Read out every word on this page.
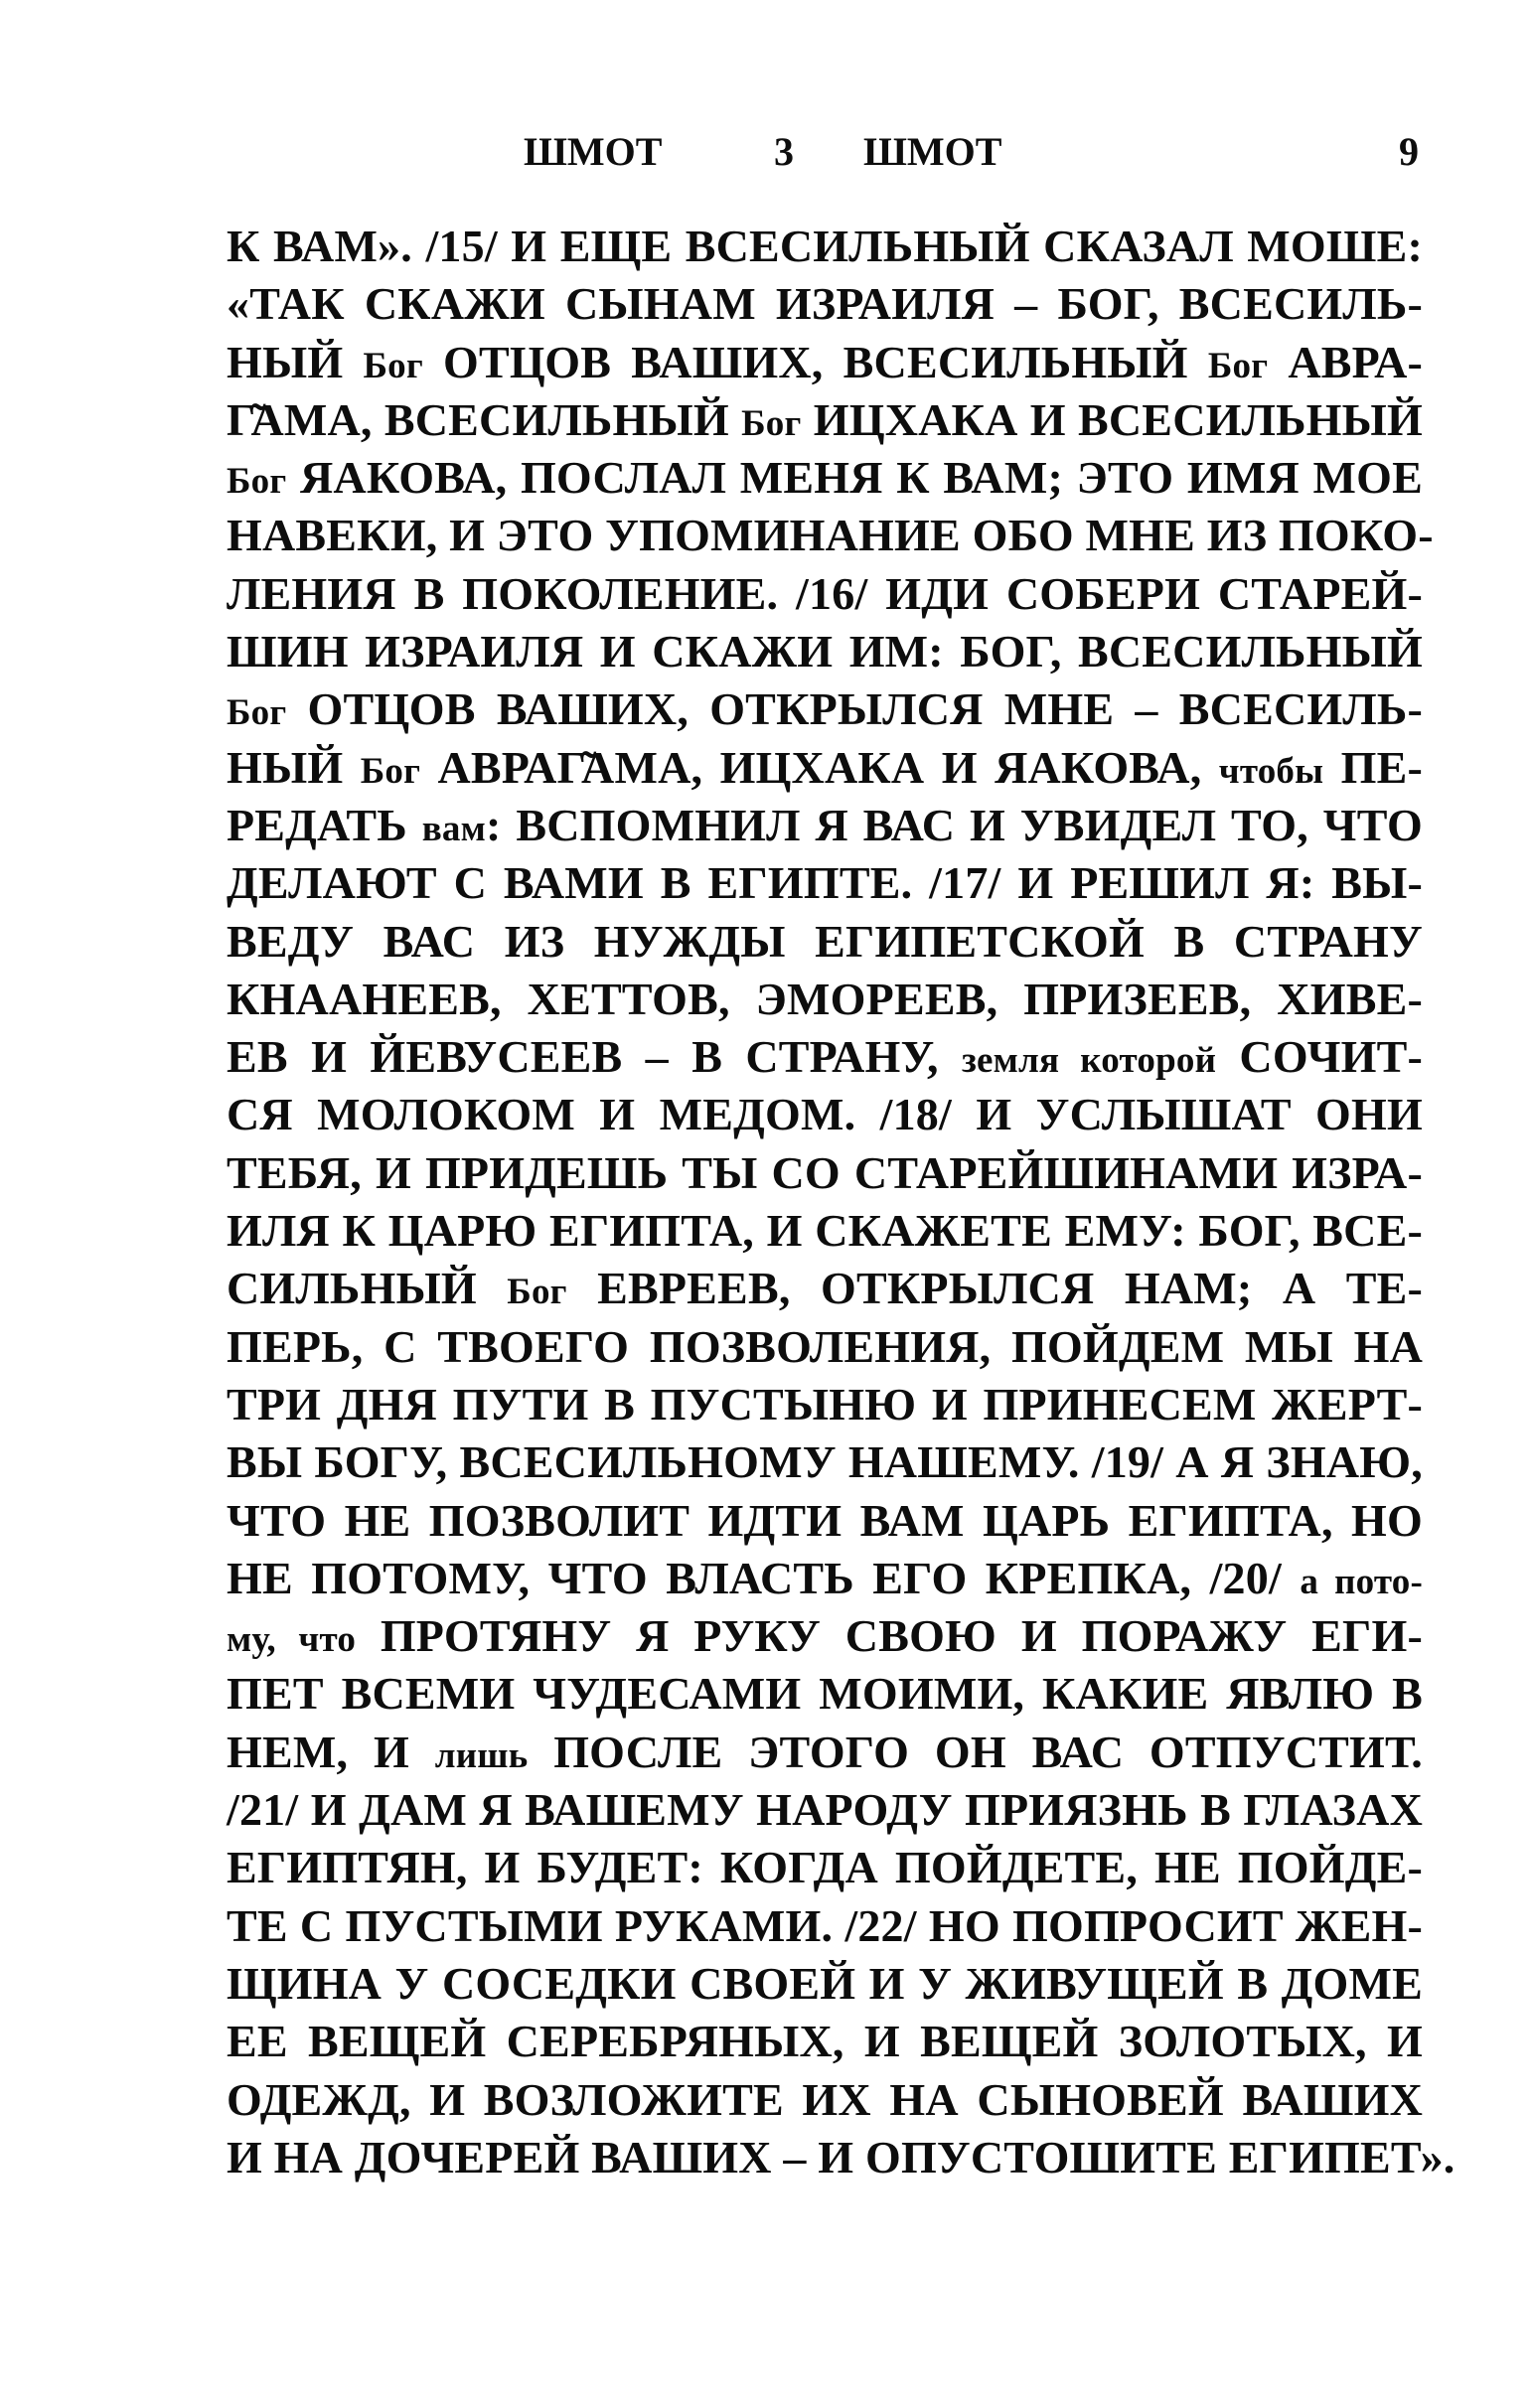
ШМОТ	3 ШМОТ	9
К ВАМ». /15/ И ЕЩЕ ВСЕСИЛЬНЫЙ СКАЗАЛ МОШЕ:
«ТАК СКАЖИ СЫНАМ ИЗРАИЛЯ – БОГ, ВСЕСИЛЬ-
НЫЙ Бог ОТЦОВ ВАШИХ, ВСЕСИЛЬНЫЙ Бог АВРА-
Г̃АМА, ВСЕСИЛЬНЫЙ Бог ИЦХАКА И ВСЕСИЛЬНЫЙ
Бог ЯАКОВА, ПОСЛАЛ МЕНЯ К ВАМ; ЭТО ИМЯ МОЕ
НАВЕКИ, И ЭТО УПОМИНАНИЕ ОБО МНЕ ИЗ ПОКО-
ЛЕНИЯ В ПОКОЛЕНИЕ. /16/ ИДИ СОБЕРИ СТАРЕЙ-
ШИН ИЗРАИЛЯ И СКАЖИ ИМ: БОГ, ВСЕСИЛЬНЫЙ
Бог ОТЦОВ ВАШИХ, ОТКРЫЛСЯ МНЕ – ВСЕСИЛЬ-
НЫЙ Бог АВРАГ̃АМА, ИЦХАКА И ЯАКОВА, чтобы ПЕ-
РЕДАТЬ вам: ВСПОМНИЛ Я ВАС И УВИДЕЛ ТО, ЧТО
ДЕЛАЮТ С ВАМИ В ЕГИПТЕ. /17/ И РЕШИЛ Я: ВЫ-
ВЕДУ ВАС ИЗ НУЖДЫ ЕГИПЕТСКОЙ В СТРАНУ
КНААНЕЕВ, ХЕТТОВ, ЭМОРЕЕВ, ПРИЗЕЕВ, ХИВЕ-
ЕВ И ЙЕВУСЕЕВ – В СТРАНУ, земля которой СОЧИТ-
СЯ МОЛОКОМ И МЕДОМ. /18/ И УСЛЫШАТ ОНИ
ТЕБЯ, И ПРИДЕШЬ ТЫ СО СТАРЕЙШИНАМИ ИЗРА-
ИЛЯ К ЦАРЮ ЕГИПТА, И СКАЖЕТЕ ЕМУ: БОГ, ВСЕ-
СИЛЬНЫЙ Бог ЕВРЕЕВ, ОТКРЫЛСЯ НАМ; А ТЕ-
ПЕРЬ, С ТВОЕГО ПОЗВОЛЕНИЯ, ПОЙДЕМ МЫ НА
ТРИ ДНЯ ПУТИ В ПУСТЫНЮ И ПРИНЕСЕМ ЖЕРТ-
ВЫ БОГУ, ВСЕСИЛЬНОМУ НАШЕМУ. /19/ А Я ЗНАЮ,
ЧТО НЕ ПОЗВОЛИТ ИДТИ ВАМ ЦАРЬ ЕГИПТА, НО
НЕ ПОТОМУ, ЧТО ВЛАСТЬ ЕГО КРЕПКА, /20/ а пото-
му, что ПРОТЯНУ Я РУКУ СВОЮ И ПОРАЖУ ЕГИ-
ПЕТ ВСЕМИ ЧУДЕСАМИ МОИМИ, КАКИЕ ЯВЛЮ В
НЕМ, И лишь ПОСЛЕ ЭТОГО ОН ВАС ОТПУСТИТ.
/21/ И ДАМ Я ВАШЕМУ НАРОДУ ПРИЯЗНЬ В ГЛАЗАХ
ЕГИПТЯН, И БУДЕТ: КОГДА ПОЙДЕТЕ, НЕ ПОЙДЕ-
ТЕ С ПУСТЫМИ РУКАМИ. /22/ НО ПОПРОСИТ ЖЕН-
ЩИНА У СОСЕДКИ СВОЕЙ И У ЖИВУЩЕЙ В ДОМЕ
ЕЕ ВЕЩЕЙ СЕРЕБРЯНЫХ, И ВЕЩЕЙ ЗОЛОТЫХ, И
ОДЕЖД, И ВОЗЛОЖИТЕ ИХ НА СЫНОВЕЙ ВАШИХ
И НА ДОЧЕРЕЙ ВАШИХ – И ОПУСТОШИТЕ ЕГИПЕТ».
